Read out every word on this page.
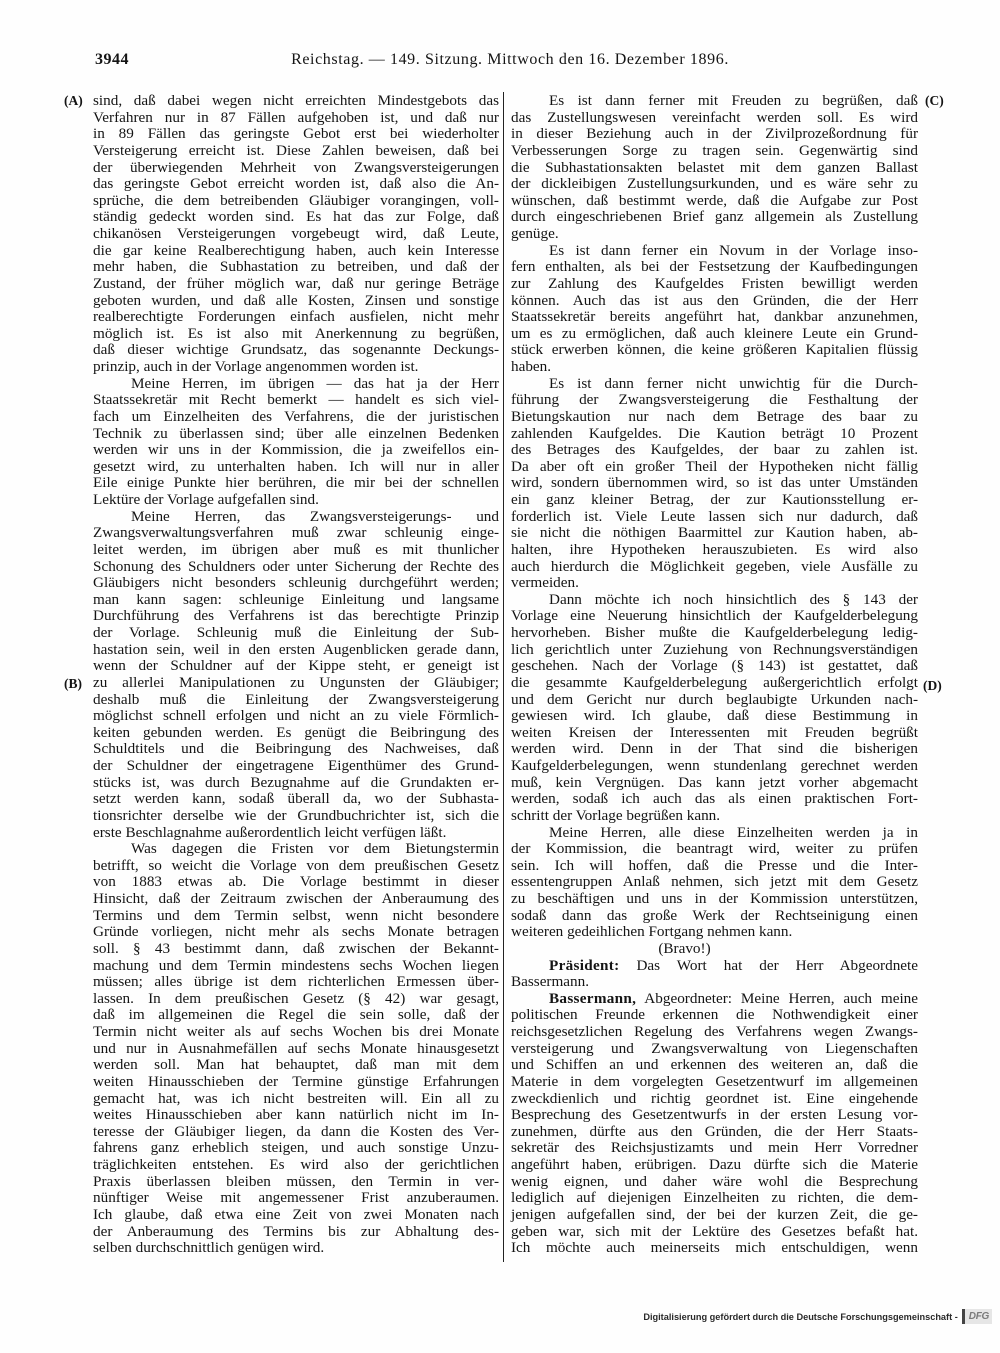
3944	Reichstag. — 149. Sitzung. Mittwoch den 16. Dezember 1896.
(A)
(B)
(C)
(D)
sind, daß dabei wegen nicht erreichten Mindestgebots das
Verfahren nur in 87 Fällen aufgehoben ist, und daß nur
in 89 Fällen das geringste Gebot erst bei wiederholter
Versteigerung erreicht ist. Diese Zahlen beweisen, daß bei
der überwiegenden Mehrheit von Zwangsversteigerungen
das geringste Gebot erreicht worden ist, daß also die An-
sprüche, die dem betreibenden Gläubiger vorangingen, voll-
ständig gedeckt worden sind. Es hat das zur Folge, daß
chikanösen Versteigerungen vorgebeugt wird, daß Leute,
die gar keine Realberechtigung haben, auch kein Interesse
mehr haben, die Subhastation zu betreiben, und daß der
Zustand, der früher möglich war, daß nur geringe Beträge
geboten wurden, und daß alle Kosten, Zinsen und sonstige
realberechtigte Forderungen einfach ausfielen, nicht mehr
möglich ist. Es ist also mit Anerkennung zu begrüßen,
daß dieser wichtige Grundsatz, das sogenannte Deckungs-
prinzip, auch in der Vorlage angenommen worden ist.
Meine Herren, im übrigen — das hat ja der Herr
Staatssekretär mit Recht bemerkt — handelt es sich viel-
fach um Einzelheiten des Verfahrens, die der juristischen
Technik zu überlassen sind; über alle einzelnen Bedenken
werden wir uns in der Kommission, die ja zweifellos ein-
gesetzt wird, zu unterhalten haben. Ich will nur in aller
Eile einige Punkte hier berühren, die mir bei der schnellen
Lektüre der Vorlage aufgefallen sind.
Meine Herren, das Zwangsversteigerungs- und
Zwangsverwaltungsverfahren muß zwar schleunig einge-
leitet werden, im übrigen aber muß es mit thunlicher
Schonung des Schuldners oder unter Sicherung der Rechte des
Gläubigers nicht besonders schleunig durchgeführt werden;
man kann sagen: schleunige Einleitung und langsame
Durchführung des Verfahrens ist das berechtigte Prinzip
der Vorlage. Schleunig muß die Einleitung der Sub-
hastation sein, weil in den ersten Augenblicken gerade dann,
wenn der Schuldner auf der Kippe steht, er geneigt ist
zu allerlei Manipulationen zu Ungunsten der Gläubiger;
deshalb muß die Einleitung der Zwangsversteigerung
möglichst schnell erfolgen und nicht an zu viele Förmlich-
keiten gebunden werden. Es genügt die Beibringung des
Schuldtitels und die Beibringung des Nachweises, daß
der Schuldner der eingetragene Eigenthümer des Grund-
stücks ist, was durch Bezugnahme auf die Grundakten er-
setzt werden kann, sodaß überall da, wo der Subhasta-
tionsrichter derselbe wie der Grundbuchrichter ist, sich die
erste Beschlagnahme außerordentlich leicht verfügen läßt.
Was dagegen die Fristen vor dem Bietungstermin
betrifft, so weicht die Vorlage von dem preußischen Gesetz
von 1883 etwas ab. Die Vorlage bestimmt in dieser
Hinsicht, daß der Zeitraum zwischen der Anberaumung des
Termins und dem Termin selbst, wenn nicht besondere
Gründe vorliegen, nicht mehr als sechs Monate betragen
soll. § 43 bestimmt dann, daß zwischen der Bekannt-
machung und dem Termin mindestens sechs Wochen liegen
müssen; alles übrige ist dem richterlichen Ermessen über-
lassen. In dem preußischen Gesetz (§ 42) war gesagt,
daß im allgemeinen die Regel die sein solle, daß der
Termin nicht weiter als auf sechs Wochen bis drei Monate
und nur in Ausnahmefällen auf sechs Monate hinausgesetzt
werden soll. Man hat behauptet, daß man mit dem
weiten Hinausschieben der Termine günstige Erfahrungen
gemacht hat, was ich nicht bestreiten will. Ein all zu
weites Hinausschieben aber kann natürlich nicht im In-
teresse der Gläubiger liegen, da dann die Kosten des Ver-
fahrens ganz erheblich steigen, und auch sonstige Unzu-
träglichkeiten entstehen. Es wird also der gerichtlichen
Praxis überlassen bleiben müssen, den Termin in ver-
nünftiger Weise mit angemessener Frist anzuberaumen.
Ich glaube, daß etwa eine Zeit von zwei Monaten nach
der Anberaumung des Termins bis zur Abhaltung des-
selben durchschnittlich genügen wird.
Es ist dann ferner mit Freuden zu begrüßen, daß
das Zustellungswesen vereinfacht werden soll. Es wird
in dieser Beziehung auch in der Zivilprozeßordnung für
Verbesserungen Sorge zu tragen sein. Gegenwärtig sind
die Subhastationsakten belastet mit dem ganzen Ballast
der dickleibigen Zustellungsurkunden, und es wäre sehr zu
wünschen, daß bestimmt werde, daß die Aufgabe zur Post
durch eingeschriebenen Brief ganz allgemein als Zustellung
genüge.
Es ist dann ferner ein Novum in der Vorlage inso-
fern enthalten, als bei der Festsetzung der Kaufbedingungen
zur Zahlung des Kaufgeldes Fristen bewilligt werden
können. Auch das ist aus den Gründen, die der Herr
Staatssekretär bereits angeführt hat, dankbar anzunehmen,
um es zu ermöglichen, daß auch kleinere Leute ein Grund-
stück erwerben können, die keine größeren Kapitalien flüssig
haben.
Es ist dann ferner nicht unwichtig für die Durch-
führung der Zwangsversteigerung die Festhaltung der
Bietungskaution nur nach dem Betrage des baar zu
zahlenden Kaufgeldes. Die Kaution beträgt 10 Prozent
des Betrages des Kaufgeldes, der baar zu zahlen ist.
Da aber oft ein großer Theil der Hypotheken nicht fällig
wird, sondern übernommen wird, so ist das unter Umständen
ein ganz kleiner Betrag, der zur Kautionsstellung er-
forderlich ist. Viele Leute lassen sich nur dadurch, daß
sie nicht die nöthigen Baarmittel zur Kaution haben, ab-
halten, ihre Hypotheken herauszubieten. Es wird also
auch hierdurch die Möglichkeit gegeben, viele Ausfälle zu
vermeiden.
Dann möchte ich noch hinsichtlich des § 143 der
Vorlage eine Neuerung hinsichtlich der Kaufgelderbelegung
hervorheben. Bisher mußte die Kaufgelderbelegung ledig-
lich gerichtlich unter Zuziehung von Rechnungsverständigen
geschehen. Nach der Vorlage (§ 143) ist gestattet, daß
die gesammte Kaufgelderbelegung außergerichtlich erfolgt
und dem Gericht nur durch beglaubigte Urkunden nach-
gewiesen wird. Ich glaube, daß diese Bestimmung in
weiten Kreisen der Interessenten mit Freuden begrüßt
werden wird. Denn in der That sind die bisherigen
Kaufgelderbelegungen, wenn stundenlang gerechnet werden
muß, kein Vergnügen. Das kann jetzt vorher abgemacht
werden, sodaß ich auch das als einen praktischen Fort-
schritt der Vorlage begrüßen kann.
Meine Herren, alle diese Einzelheiten werden ja in
der Kommission, die beantragt wird, weiter zu prüfen
sein. Ich will hoffen, daß die Presse und die Inter-
essentengruppen Anlaß nehmen, sich jetzt mit dem Gesetz
zu beschäftigen und uns in der Kommission unterstützen,
sodaß dann das große Werk der Rechtseinigung einen
weiteren gedeihlichen Fortgang nehmen kann.
(Bravo!)
Präsident: Das Wort hat der Herr Abgeordnete
Bassermann.
Bassermann, Abgeordneter: Meine Herren, auch meine
politischen Freunde erkennen die Nothwendigkeit einer
reichsgesetzlichen Regelung des Verfahrens wegen Zwangs-
versteigerung und Zwangsverwaltung von Liegenschaften
und Schiffen an und erkennen des weiteren an, daß die
Materie in dem vorgelegten Gesetzentwurf im allgemeinen
zweckdienlich und richtig geordnet ist. Eine eingehende
Besprechung des Gesetzentwurfs in der ersten Lesung vor-
zunehmen, dürfte aus den Gründen, die der Herr Staats-
sekretär des Reichsjustizamts und mein Herr Vorredner
angeführt haben, erübrigen. Dazu dürfte sich die Materie
wenig eignen, und daher wäre wohl die Besprechung
lediglich auf diejenigen Einzelheiten zu richten, die dem-
jenigen aufgefallen sind, der bei der kurzen Zeit, die ge-
geben war, sich mit der Lektüre des Gesetzes befaßt hat.
Ich möchte auch meinerseits mich entschuldigen, wenn
Digitalisierung gefördert durch die Deutsche Forschungsgemeinschaft -	DFG
